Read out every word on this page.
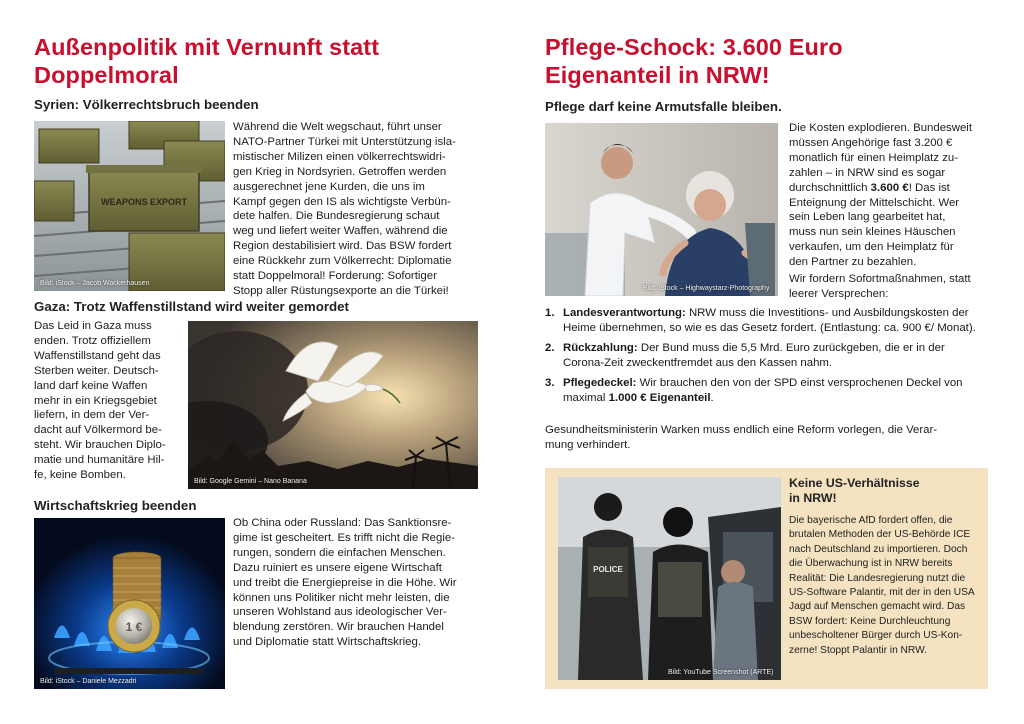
Außenpolitik mit Vernunft statt
Doppelmoral
Syrien: Völkerrechtsbruch beenden
WEAPONS EXPORT
Bild: iStock – Jacob Wackerhausen
Während die Welt wegschaut, führt unser
NATO-Partner Türkei mit Unterstützung isla-
mistischer Milizen einen völkerrechtswidri-
gen Krieg in Nordsyrien. Getroffen werden
ausgerechnet jene Kurden, die uns im
Kampf gegen den IS als wichtigste Verbün-
dete halfen. Die Bundesregierung schaut
weg und liefert weiter Waffen, während die
Region destabilisiert wird. Das BSW fordert
eine Rückkehr zum Völkerrecht: Diplomatie
statt Doppelmoral! Forderung: Sofortiger
Stopp aller Rüstungsexporte an die Türkei!
Gaza: Trotz Waffenstillstand wird weiter gemordet
Das Leid in Gaza muss
enden. Trotz offiziellem
Waffenstillstand geht das
Sterben weiter. Deutsch-
land darf keine Waffen
mehr in ein Kriegsgebiet
liefern, in dem der Ver-
dacht auf Völkermord be-
steht. Wir brauchen Diplo-
matie und humanitäre Hil-
fe, keine Bomben.
Bild: Google Gemini – Nano Banana
Wirtschaftskrieg beenden
1 €
Bild: iStock – Daniele Mezzadri
Ob China oder Russland: Das Sanktionsre-
gime ist gescheitert. Es trifft nicht die Regie-
rungen, sondern die einfachen Menschen.
Dazu ruiniert es unsere eigene Wirtschaft
und treibt die Energiepreise in die Höhe. Wir
können uns Politiker nicht mehr leisten, die
unseren Wohlstand aus ideologischer Ver-
blendung zerstören. Wir brauchen Handel
und Diplomatie statt Wirtschaftskrieg.
Pflege-Schock: 3.600 Euro
Eigenanteil in NRW!
Pflege darf keine Armutsfalle bleiben.
Bild: iStock – Highwaystarz-Photography
Die Kosten explodieren. Bundesweit
müssen Angehörige fast 3.200 €
monatlich für einen Heimplatz zu-
zahlen – in NRW sind es sogar
durchschnittlich 3.600 €! Das ist
Enteignung der Mittelschicht. Wer
sein Leben lang gearbeitet hat,
muss nun sein kleines Häuschen
verkaufen, um den Heimplatz für
den Partner zu bezahlen.
Wir fordern Sofortmaßnahmen, statt
leerer Versprechen:
1. Landesverantwortung: NRW muss die Investitions- und Ausbildungskosten der Heime übernehmen, so wie es das Gesetz fordert. (Entlastung: ca. 900 €/ Monat).
2. Rückzahlung: Der Bund muss die 5,5 Mrd. Euro zurückgeben, die er in der Corona-Zeit zweckentfremdet aus den Kassen nahm.
3. Pflegedeckel: Wir brauchen den von der SPD einst versprochenen Deckel von maximal 1.000 € Eigenanteil.
Gesundheitsministerin Warken muss endlich eine Reform vorlegen, die Verar-
mung verhindert.
POLICE
Bild: YouTube Screenshot (ARTE)
Keine US-Verhältnisse
in NRW!

Die bayerische AfD fordert offen, die brutalen Methoden der US-Behörde ICE nach Deutschland zu importieren. Doch die Überwachung ist in NRW bereits Realität: Die Landesregierung nutzt die US-Software Palantir, mit der in den USA Jagd auf Menschen gemacht wird. Das BSW fordert: Keine Durchleuchtung unbescholtener Bürger durch US-Kon-zerne! Stoppt Palantir in NRW.
